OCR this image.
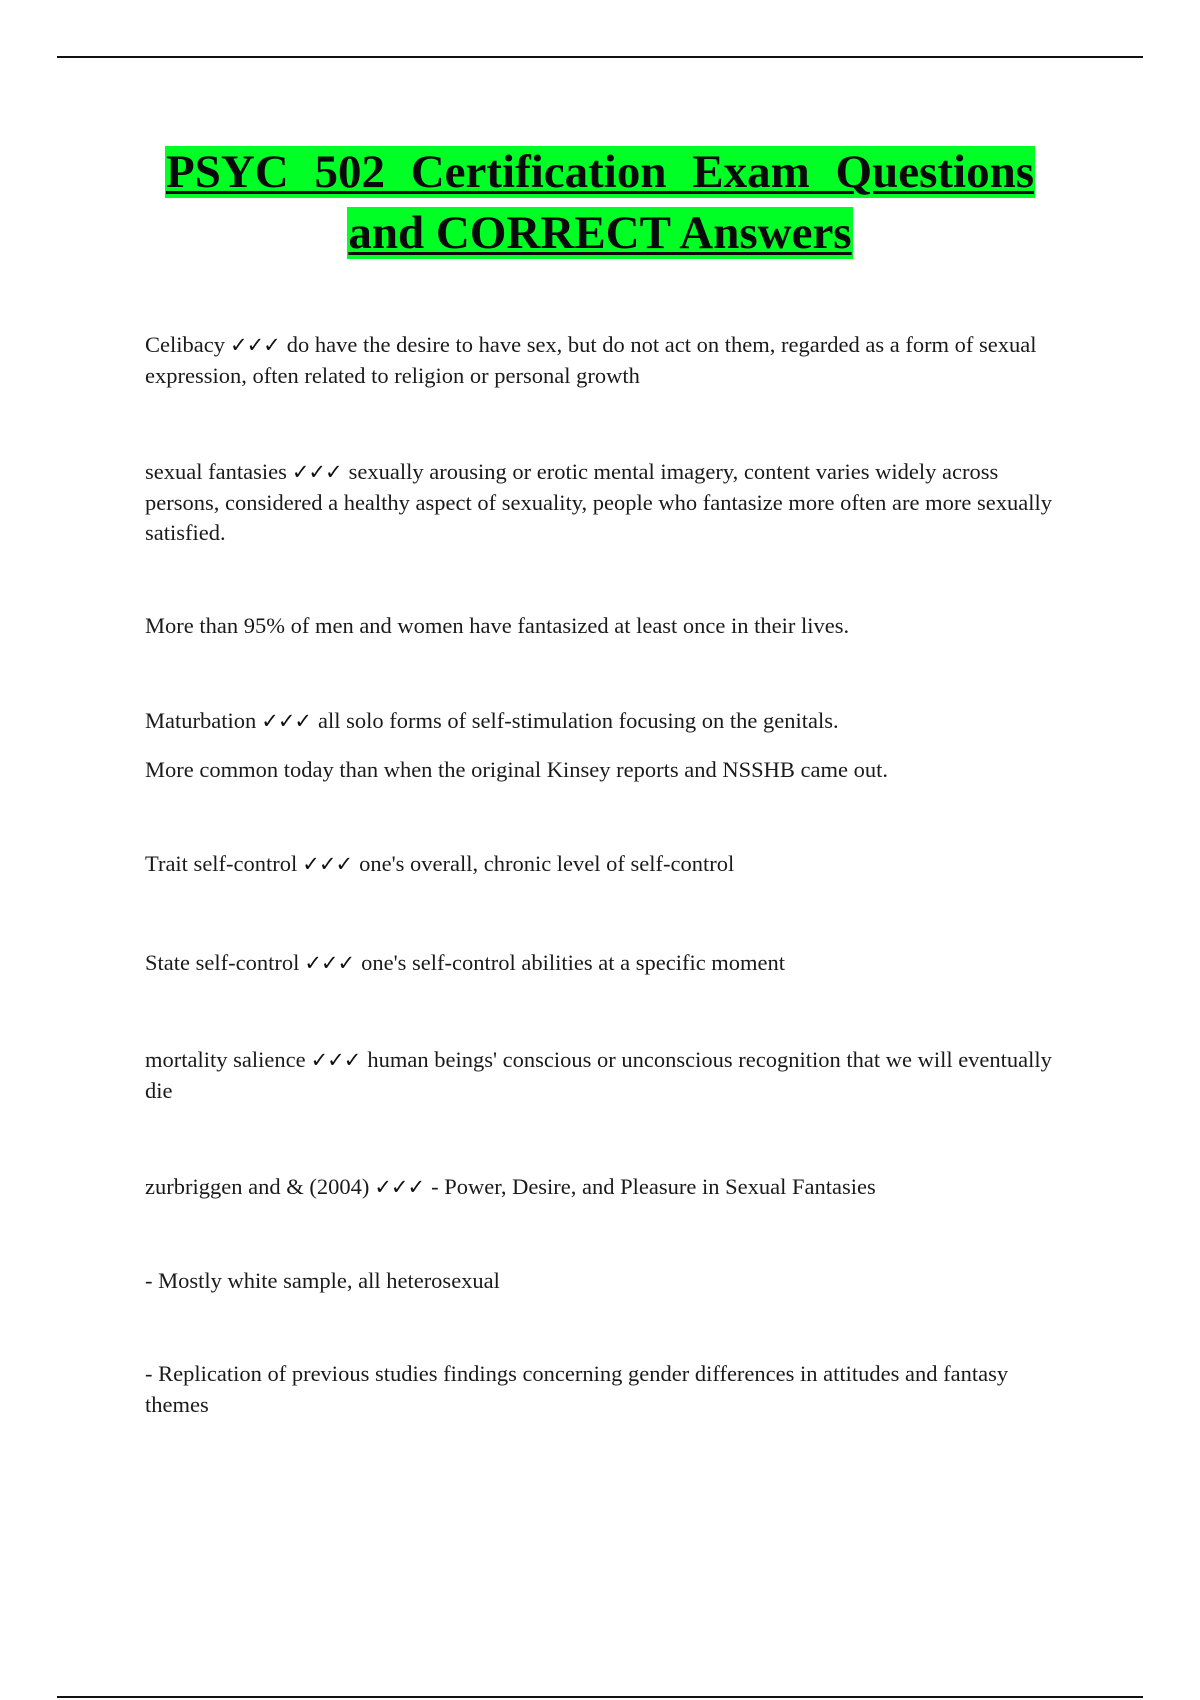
PSYC 502 Certification Exam Questions
and CORRECT Answers

Celibacy ✓✓✓ do have the desire to have sex, but do not act on them, regarded as a form of sexual expression, often related to religion or personal growth

sexual fantasies ✓✓✓ sexually arousing or erotic mental imagery, content varies widely across persons, considered a healthy aspect of sexuality, people who fantasize more often are more sexually satisfied.

More than 95% of men and women have fantasized at least once in their lives.

Maturbation ✓✓✓ all solo forms of self-stimulation focusing on the genitals.

More common today than when the original Kinsey reports and NSSHB came out.

Trait self-control ✓✓✓ one's overall, chronic level of self-control

State self-control ✓✓✓ one's self-control abilities at a specific moment

mortality salience ✓✓✓ human beings' conscious or unconscious recognition that we will eventually die

zurbriggen and & (2004) ✓✓✓ - Power, Desire, and Pleasure in Sexual Fantasies

- Mostly white sample, all heterosexual

- Replication of previous studies findings concerning gender differences in attitudes and fantasy themes
